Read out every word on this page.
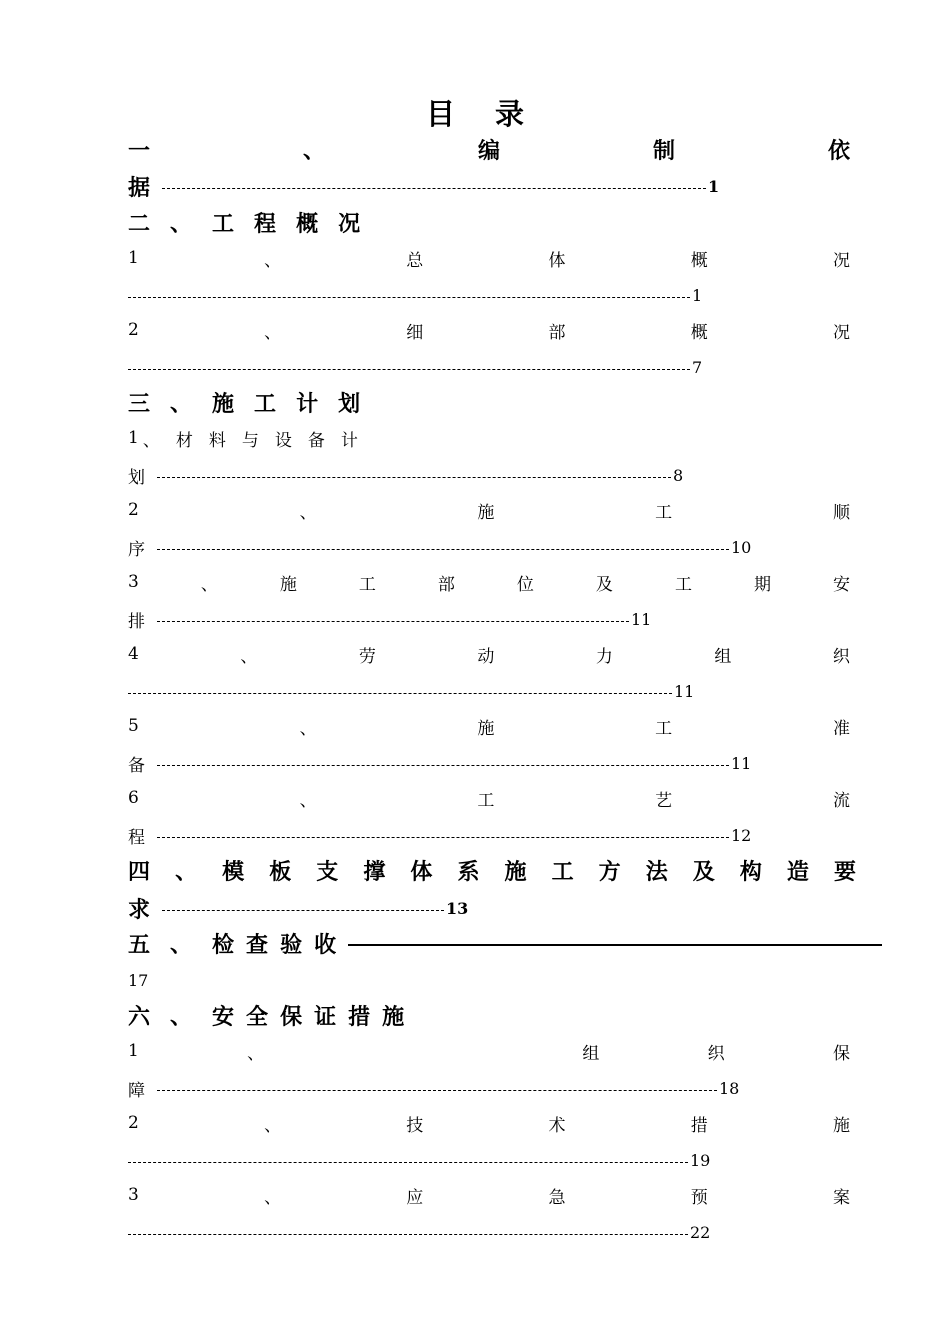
目 录
一	、	编	制	依
据	1
二 、 工 程 概 况
1	、	总	体	概	况
1
2	、	细	部	概	况
7
三 、 施 工 计 划
1 、 材 料 与 设 备 计
划	8
2	、	施	工	顺
序	10
3	、	施	工	部	位	及	工	期	安
排	11
4	、	劳	动	力	组	织
11
5	、	施	工	准
备	11
6	、	工	艺	流
程	12
四 、 模 板 支 撑 体 系 施 工 方 法 及 构 造 要
求	13
五 、 检 查 验 收
17
六 、 安 全 保 证 措 施
1	、	组	织	保
障	18
2	、	技	术	措	施
19
3	、	应	急	预	案
22
